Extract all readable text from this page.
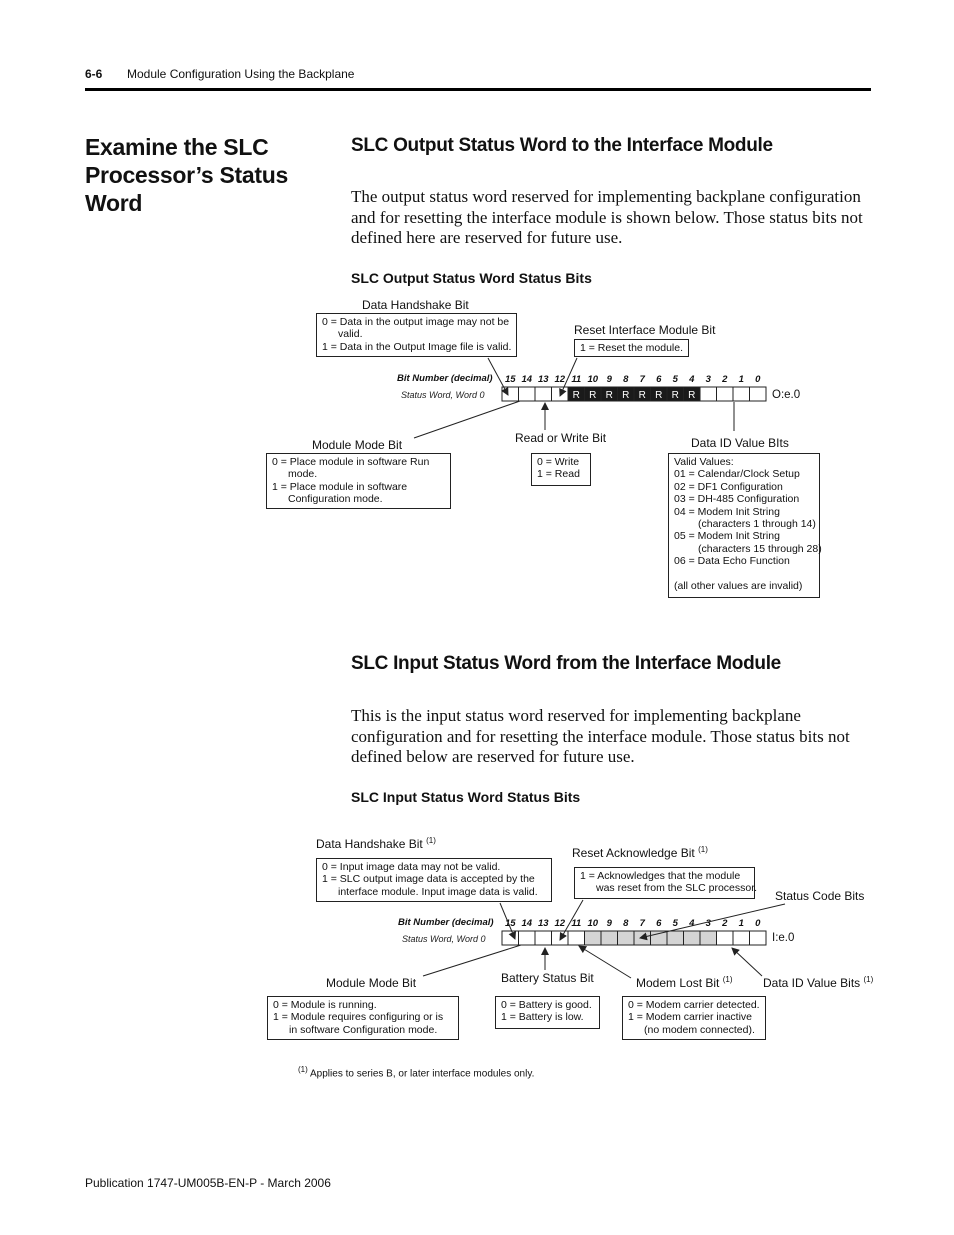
6-6 Module Configuration Using the Backplane
Examine the SLC
Processor’s Status Word
SLC Output Status Word to the Interface Module
The output status word reserved for implementing backplane configuration and for resetting the interface module is shown below. Those status bits not defined here are reserved for future use.
SLC Output Status Word Status Bits
Data Handshake Bit
0 = Data in the output image may not be
valid.
1 = Data in the Output Image file is valid.
Reset Interface Module Bit
1 = Reset the module.
Bit Number (decimal)
Status Word, Word 0	O:e.0
Module Mode Bit
0 = Place module in software Run
mode.
1 = Place module in software
Configuration mode.
Read or Write Bit
0 = Write
1 = Read
Data ID Value BIts
Valid Values:
01 = Calendar/Clock Setup
02 = DF1 Configuration
03 = DH-485 Configuration
04 = Modem Init String
(characters 1 through 14)
05 = Modem Init String
(characters 15 through 28)
06 = Data Echo Function
(all other values are invalid)
SLC Input Status Word from the Interface Module
This is the input status word reserved for implementing backplane configuration and for resetting the interface module. Those status bits not defined below are reserved for future use.
SLC Input Status Word Status Bits
Data Handshake Bit $^{(1)}$
0 = Input image data may not be valid.
1 = SLC output image data is accepted by the
interface module. Input image data is valid.
Reset Acknowledge Bit $^{(1)}$
1 = Acknowledges that the module
was reset from the SLC processor.
Status Code Bits
Bit Number (decimal)
Status Word, Word 0	I:e.0
Module Mode Bit
0 = Module is running.
1 = Module requires configuring or is
in software Configuration mode.
Battery Status Bit
0 = Battery is good.
1 = Battery is low.
Modem Lost Bit $^{(1)}$
0 = Modem carrier detected.
1 = Modem carrier inactive
(no modem connected).
Data ID Value Bits $^{(1)}$
$^{(1)}$ Applies to series B, or later interface modules only.
Publication 1747-UM005B-EN-P - March 2006
15 14 13 12 11 10 9 8 7 6 5 4 3 2 1 0
R R R R R R R R
15 14 13 12 11 10 9 8 7 6 5 4 3 2 1 0
